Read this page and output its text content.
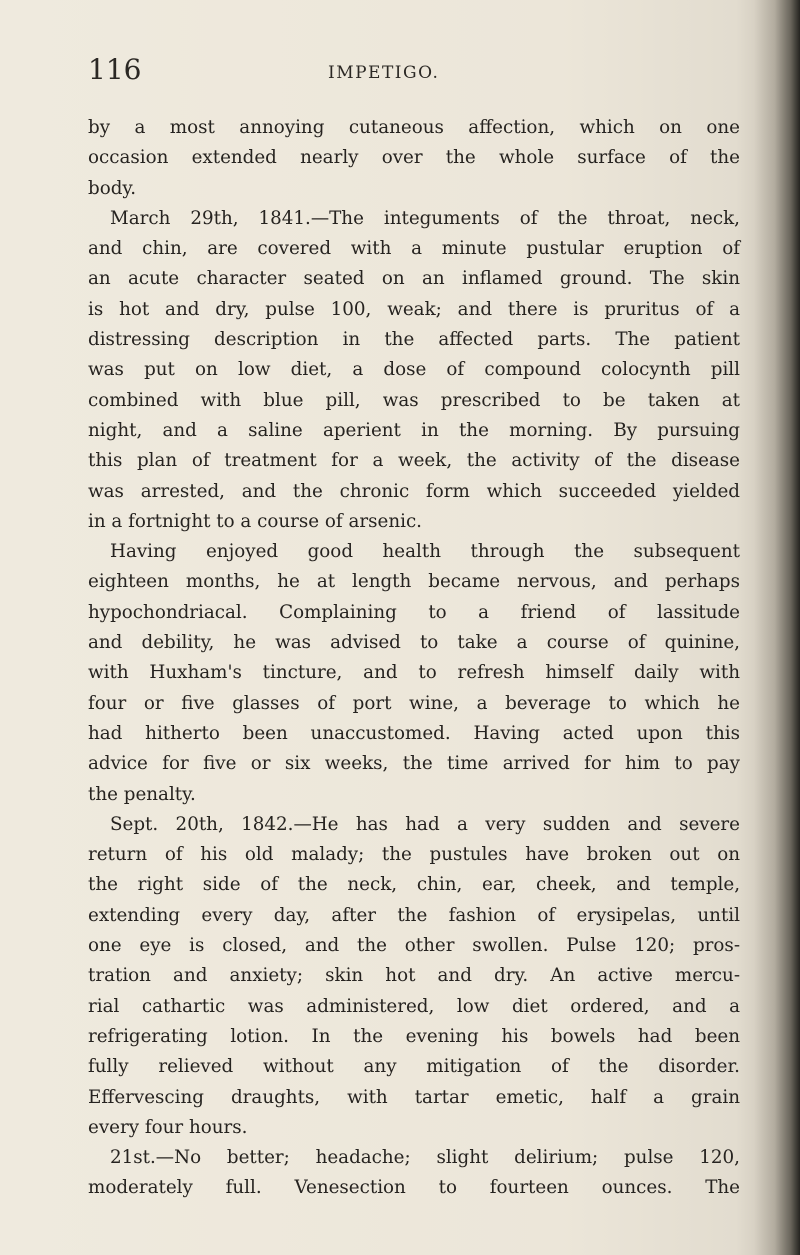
116	IMPETIGO.
by a most annoying cutaneous affection, which on one
occasion extended nearly over the whole surface of the
body.
March 29th, 1841.—The integuments of the throat, neck,
and chin, are covered with a minute pustular eruption of
an acute character seated on an inflamed ground. The skin
is hot and dry, pulse 100, weak; and there is pruritus of a
distressing description in the affected parts. The patient
was put on low diet, a dose of compound colocynth pill
combined with blue pill, was prescribed to be taken at
night, and a saline aperient in the morning. By pursuing
this plan of treatment for a week, the activity of the disease
was arrested, and the chronic form which succeeded yielded
in a fortnight to a course of arsenic.
Having enjoyed good health through the subsequent
eighteen months, he at length became nervous, and perhaps
hypochondriacal. Complaining to a friend of lassitude
and debility, he was advised to take a course of quinine,
with Huxham's tincture, and to refresh himself daily with
four or five glasses of port wine, a beverage to which he
had hitherto been unaccustomed. Having acted upon this
advice for five or six weeks, the time arrived for him to pay
the penalty.
Sept. 20th, 1842.—He has had a very sudden and severe
return of his old malady; the pustules have broken out on
the right side of the neck, chin, ear, cheek, and temple,
extending every day, after the fashion of erysipelas, until
one eye is closed, and the other swollen. Pulse 120; pros-
tration and anxiety; skin hot and dry. An active mercu-
rial cathartic was administered, low diet ordered, and a
refrigerating lotion. In the evening his bowels had been
fully relieved without any mitigation of the disorder.
Effervescing draughts, with tartar emetic, half a grain
every four hours.
21st.—No better; headache; slight delirium; pulse 120,
moderately full. Venesection to fourteen ounces. The
